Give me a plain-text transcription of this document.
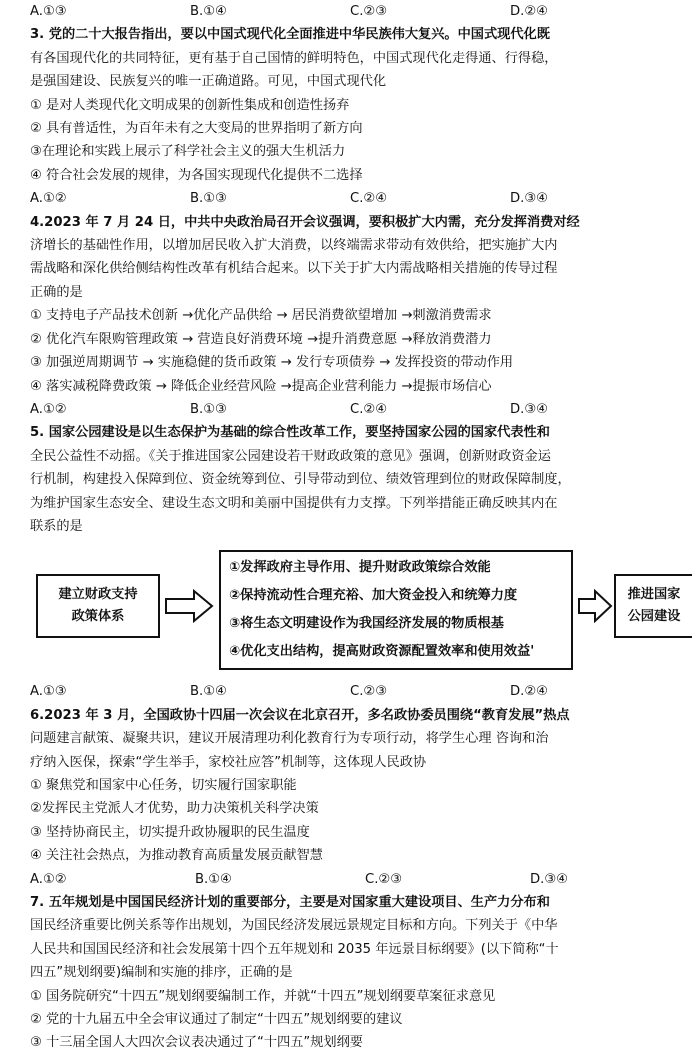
A.①③	B.①④	C.②③	D.②④
3. 党的二十大报告指出，要以中国式现代化全面推进中华民族伟大复兴。中国式现代化既
有各国现代化的共同特征，更有基于自己国情的鲜明特色，中国式现代化走得通、行得稳，
是强国建设、民族复兴的唯一正确道路。可见，中国式现代化
① 是对人类现代化文明成果的创新性集成和创造性扬弃
② 具有普适性，为百年未有之大变局的世界指明了新方向
③在理论和实践上展示了科学社会主义的强大生机活力
④ 符合社会发展的规律，为各国实现现代化提供不二选择
A.①②	B.①③	C.②④	D.③④
4.2023 年 7 月 24 日，中共中央政治局召开会议强调，要积极扩大内需，充分发挥消费对经
济增长的基础性作用，以增加居民收入扩大消费，以终端需求带动有效供给，把实施扩大内
需战略和深化供给侧结构性改革有机结合起来。以下关于扩大内需战略相关措施的传导过程
正确的是
① 支持电子产品技术创新 →优化产品供给 → 居民消费欲望增加 →刺激消费需求
② 优化汽车限购管理政策 → 营造良好消费环境 →提升消费意愿 →释放消费潜力
③ 加强逆周期调节 → 实施稳健的货币政策 → 发行专项债券 → 发挥投资的带动作用
④ 落实减税降费政策 → 降低企业经营风险 →提高企业营利能力 →提振市场信心
A.①②	B.①③	C.②④	D.③④
5. 国家公园建设是以生态保护为基础的综合性改革工作，要坚持国家公园的国家代表性和
全民公益性不动摇。《关于推进国家公园建设若干财政政策的意见》强调，创新财政资金运
行机制，构建投入保障到位、资金统筹到位、引导带动到位、绩效管理到位的财政保障制度，
为维护国家生态安全、建设生态文明和美丽中国提供有力支撑。下列举措能正确反映其内在
联系的是
建立财政支持
政策体系
①发挥政府主导作用、提升财政政策综合效能
②保持流动性合理充裕、加大资金投入和统筹力度
③将生态文明建设作为我国经济发展的物质根基
④优化支出结构，提高财政资源配置效率和使用效益'
推进国家
公园建设
A.①③	B.①④	C.②③	D.②④
6.2023 年 3 月，全国政协十四届一次会议在北京召开，多名政协委员围绕“教育发展”热点
问题建言献策、凝聚共识，建议开展清理功利化教育行为专项行动，将学生心理 咨询和治
疗纳入医保，探索“学生举手，家校社应答”机制等，这体现人民政协
① 聚焦党和国家中心任务，切实履行国家职能
②发挥民主党派人才优势，助力决策机关科学决策
③ 坚持协商民主，切实提升政协履职的民生温度
④ 关注社会热点，为推动教育高质量发展贡献智慧
A.①②	B.①④	C.②③	D.③④
7. 五年规划是中国国民经济计划的重要部分，主要是对国家重大建设项目、生产力分布和
国民经济重要比例关系等作出规划，为国民经济发展远景规定目标和方向。下列关于《中华
人民共和国国民经济和社会发展第十四个五年规划和 2035 年远景目标纲要》(以下简称“十
四五”规划纲要)编制和实施的排序，正确的是
① 国务院研究“十四五”规划纲要编制工作，并就“十四五”规划纲要草案征求意见
② 党的十九届五中全会审议通过了制定“十四五”规划纲要的建议
③ 十三届全国人大四次会议表决通过了“十四五”规划纲要
